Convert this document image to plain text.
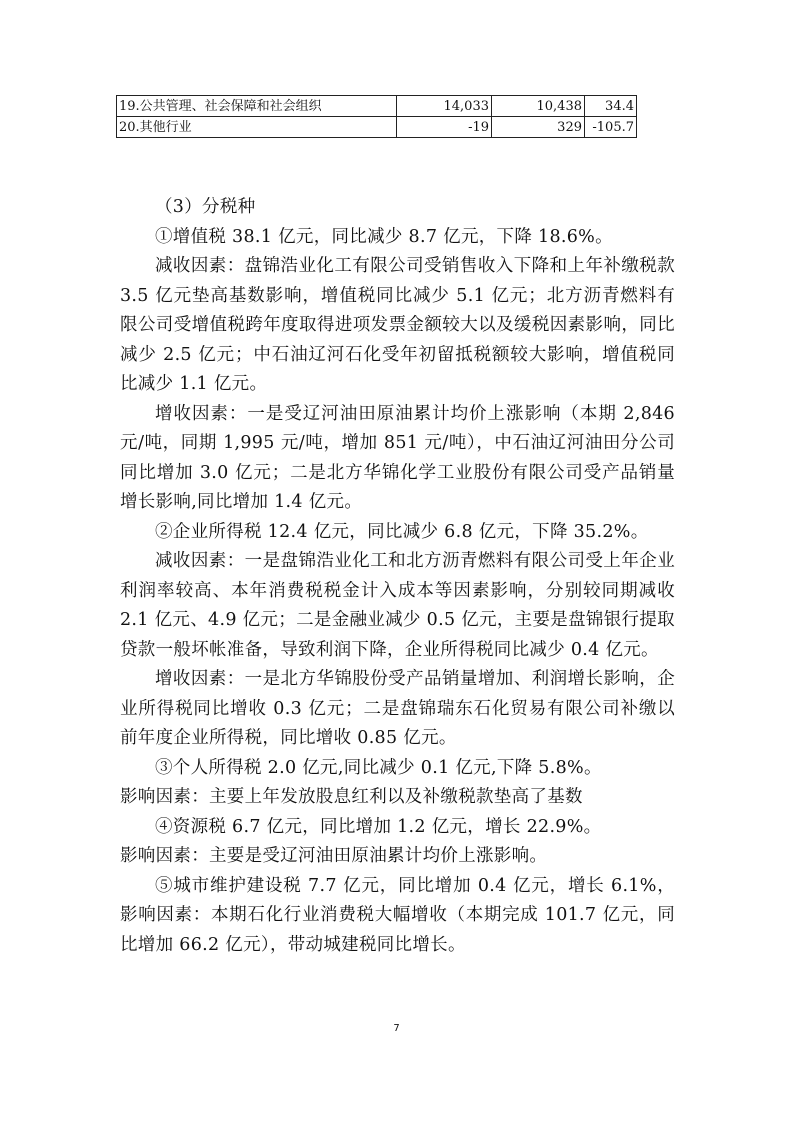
19.公共管理、社会保障和社会组织	14,033	10,438	34.4
20.其他行业	-19	329	-105.7

（3）分税种

①增值税 38.1 亿元，同比减少 8.7 亿元，下降 18.6%。

减收因素：盘锦浩业化工有限公司受销售收入下降和上年补缴税款 3.5 亿元垫高基数影响，增值税同比减少 5.1 亿元；北方沥青燃料有限公司受增值税跨年度取得进项发票金额较大以及缓税因素影响，同比减少 2.5 亿元；中石油辽河石化受年初留抵税额较大影响，增值税同比减少 1.1 亿元。

增收因素：一是受辽河油田原油累计均价上涨影响（本期 2,846 元/吨，同期 1,995 元/吨，增加 851 元/吨），中石油辽河油田分公司同比增加 3.0 亿元；二是北方华锦化学工业股份有限公司受产品销量增长影响,同比增加 1.4 亿元。

②企业所得税 12.4 亿元，同比减少 6.8 亿元，下降 35.2%。

减收因素：一是盘锦浩业化工和北方沥青燃料有限公司受上年企业利润率较高、本年消费税税金计入成本等因素影响，分别较同期减收 2.1 亿元、4.9 亿元；二是金融业减少 0.5 亿元，主要是盘锦银行提取贷款一般坏帐准备，导致利润下降，企业所得税同比减少 0.4 亿元。

增收因素：一是北方华锦股份受产品销量增加、利润增长影响，企业所得税同比增收 0.3 亿元；二是盘锦瑞东石化贸易有限公司补缴以前年度企业所得税，同比增收 0.85 亿元。

③个人所得税 2.0 亿元,同比减少 0.1 亿元,下降 5.8%。

影响因素：主要上年发放股息红利以及补缴税款垫高了基数

④资源税 6.7 亿元，同比增加 1.2 亿元，增长 22.9%。

影响因素：主要是受辽河油田原油累计均价上涨影响。

⑤城市维护建设税 7.7 亿元，同比增加 0.4 亿元，增长 6.1%，影响因素：本期石化行业消费税大幅增收（本期完成 101.7 亿元，同比增加 66.2 亿元），带动城建税同比增长。

7
